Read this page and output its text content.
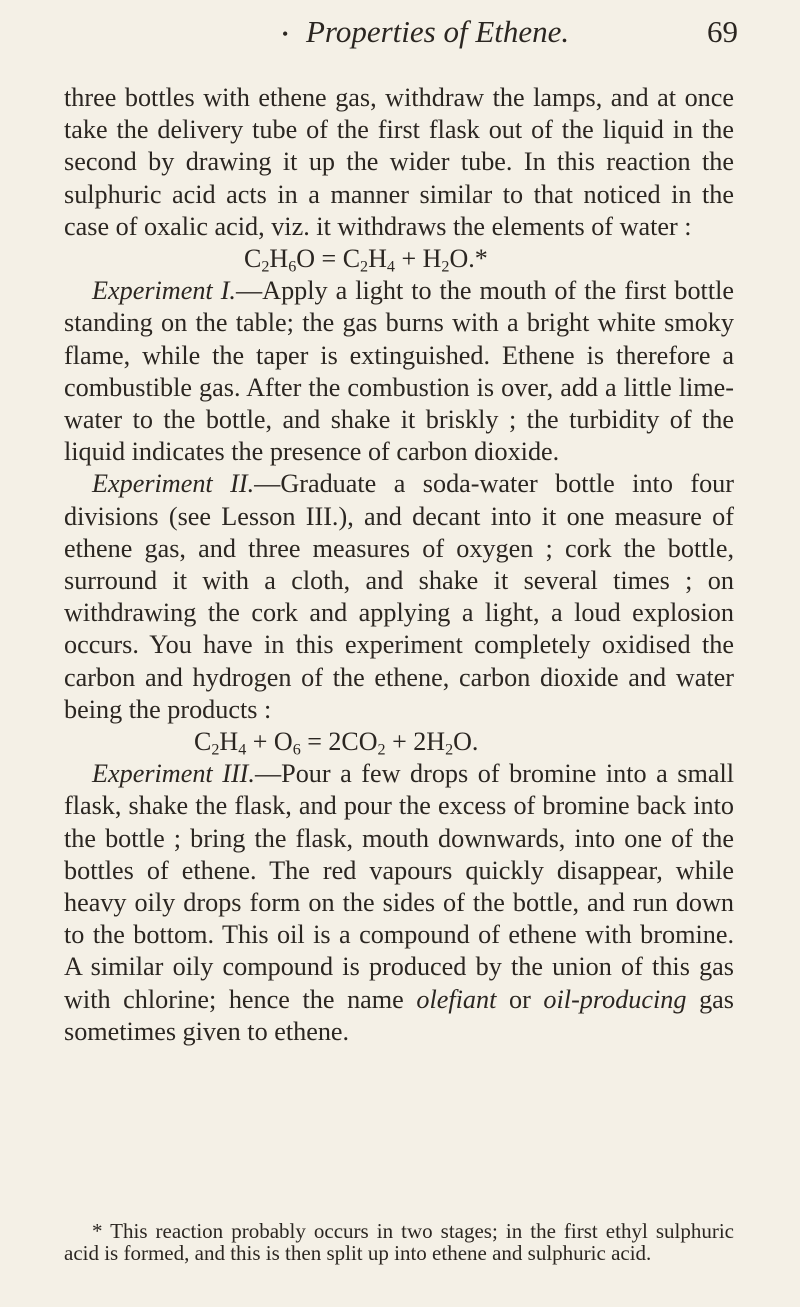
• Properties of Ethene.	69

three bottles with ethene gas, withdraw the lamps, and at once take the delivery tube of the first flask out of the liquid in the second by drawing it up the wider tube. In this reaction the sulphuric acid acts in a manner similar to that noticed in the case of oxalic acid, viz. it withdraws the elements of water :

$C_2H_6O = C_2H_4 + H_2O.*$

Experiment I.—Apply a light to the mouth of the first bottle standing on the table; the gas burns with a bright white smoky flame, while the taper is extinguished. Ethene is therefore a combustible gas. After the combustion is over, add a little lime-water to the bottle, and shake it briskly ; the turbidity of the liquid indicates the presence of carbon dioxide.

Experiment II.—Graduate a soda-water bottle into four divisions (see Lesson III.), and decant into it one measure of ethene gas, and three measures of oxygen ; cork the bottle, surround it with a cloth, and shake it several times ; on withdrawing the cork and applying a light, a loud explosion occurs. You have in this experiment completely oxidised the carbon and hydrogen of the ethene, carbon dioxide and water being the products :

$C_2H_4 + O_6 = 2CO_2 + 2H_2O$.

Experiment III.—Pour a few drops of bromine into a small flask, shake the flask, and pour the excess of bromine back into the bottle ; bring the flask, mouth downwards, into one of the bottles of ethene. The red vapours quickly disappear, while heavy oily drops form on the sides of the bottle, and run down to the bottom. This oil is a compound of ethene with bromine. A similar oily compound is produced by the union of this gas with chlorine; hence the name olefiant or oil-producing gas sometimes given to ethene.

* This reaction probably occurs in two stages; in the first ethyl sulphuric acid is formed, and this is then split up into ethene and sulphuric acid.
